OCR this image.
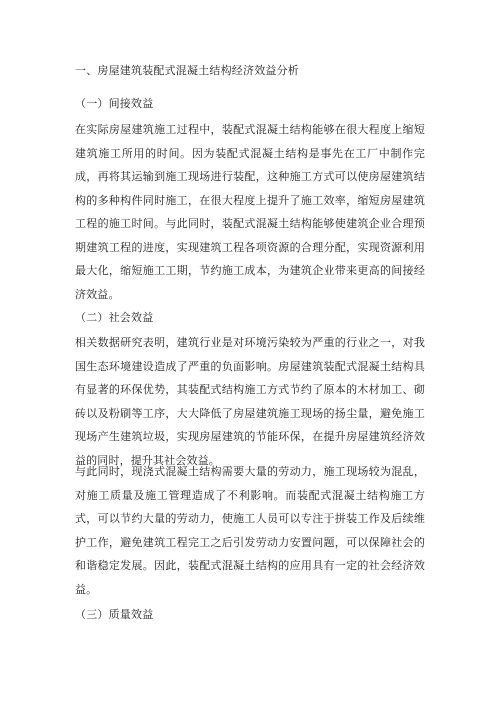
一、房屋建筑装配式混凝土结构经济效益分析
（一）间接效益

在实际房屋建筑施工过程中，装配式混凝土结构能够在很大程度上缩短建筑施工所用的时间。因为装配式混凝土结构是事先在工厂中制作完成，再将其运输到施工现场进行装配，这种施工方式可以使房屋建筑结构的多种构件同时施工，在很大程度上提升了施工效率，缩短房屋建筑工程的施工时间。与此同时，装配式混凝土结构能够使建筑企业合理预期建筑工程的进度，实现建筑工程各项资源的合理分配，实现资源利用最大化，缩短施工工期，节约施工成本，为建筑企业带来更高的间接经济效益。

（二）社会效益

相关数据研究表明，建筑行业是对环境污染较为严重的行业之一，对我国生态环境建设造成了严重的负面影响。房屋建筑装配式混凝土结构具有显著的环保优势，其装配式结构施工方式节约了原本的木材加工、砌砖以及粉刷等工序，大大降低了房屋建筑施工现场的扬尘量，避免施工现场产生建筑垃圾，实现房屋建筑的节能环保，在提升房屋建筑经济效益的同时，提升其社会效益。

与此同时，现浇式混凝土结构需要大量的劳动力，施工现场较为混乱，对施工质量及施工管理造成了不利影响。而装配式混凝土结构施工方式，可以节约大量的劳动力，使施工人员可以专注于拼装工作及后续维护工作，避免建筑工程完工之后引发劳动力安置问题，可以保障社会的和谐稳定发展。因此，装配式混凝土结构的应用具有一定的社会经济效益。

（三）质量效益
